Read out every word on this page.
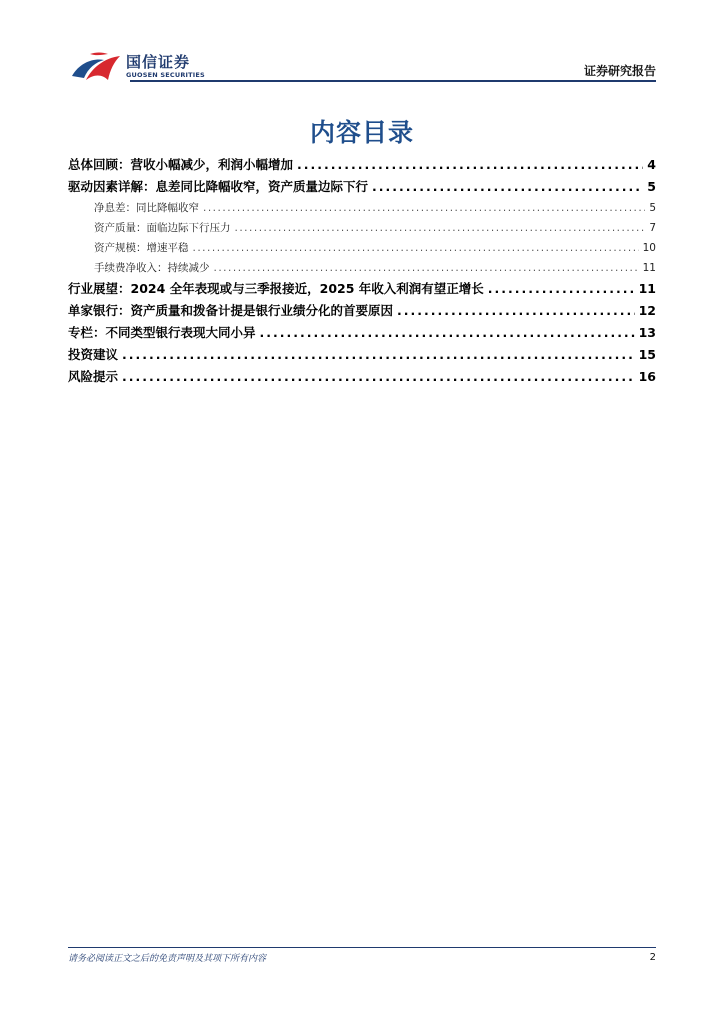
国信证券
GUOSEN SECURITIES	证券研究报告
内容目录
总体回顾：营收小幅减少，利润小幅增加 .....	4
驱动因素详解：息差同比降幅收窄，资产质量边际下行 .....	5
净息差：同比降幅收窄 .....	5
资产质量：面临边际下行压力 .....	7
资产规模：增速平稳 .....	10
手续费净收入：持续减少 .....	11
行业展望：2024 全年表现或与三季报接近，2025 年收入利润有望正增长 .....	11
单家银行：资产质量和拨备计提是银行业绩分化的首要原因 .....	12
专栏：不同类型银行表现大同小异 .....	13
投资建议 .....	15
风险提示 .....	16
请务必阅读正文之后的免责声明及其项下所有内容	2
